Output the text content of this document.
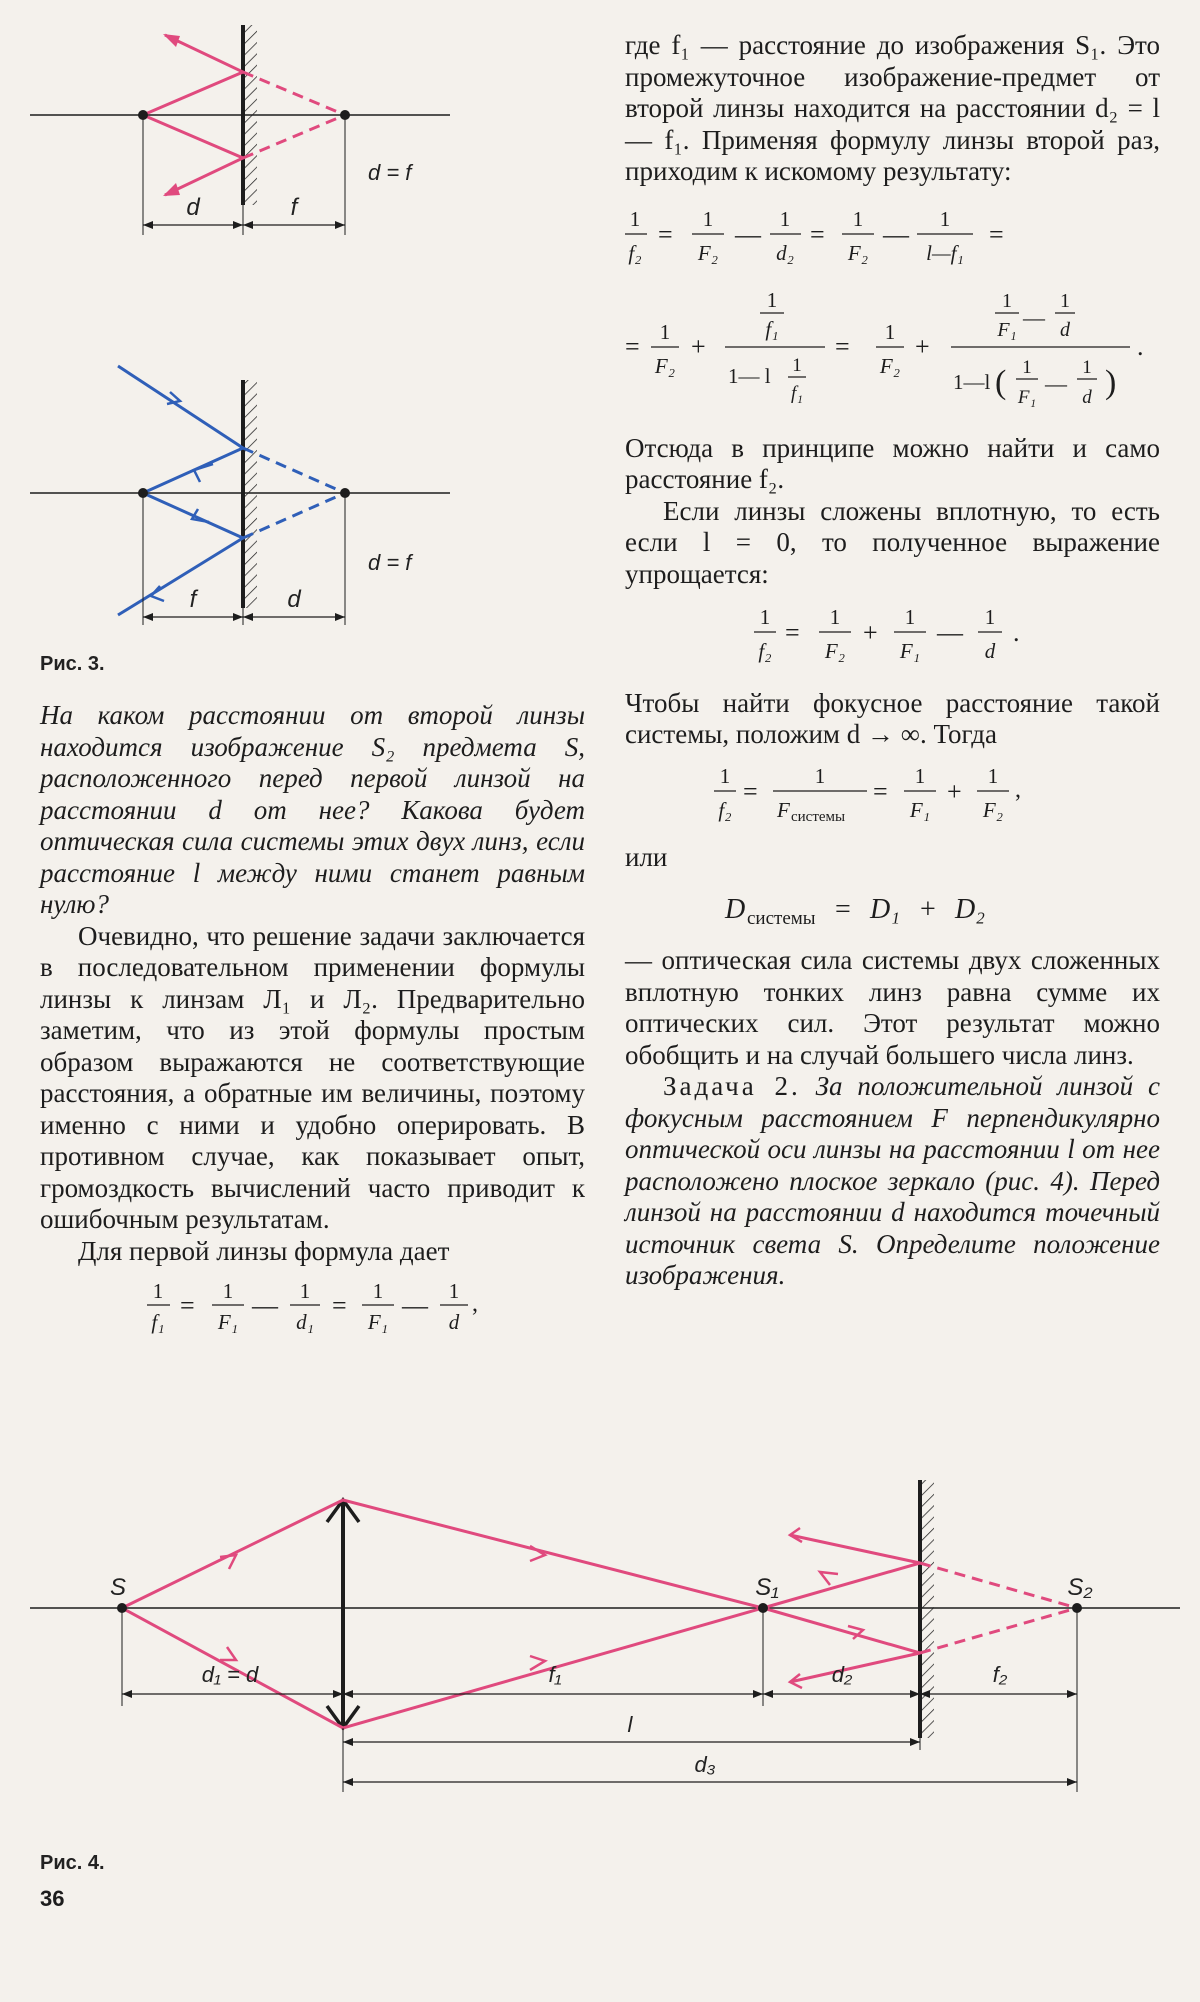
d	f
d = f
f	d
d = f

Рис. 3.

На каком расстоянии от второй линзы находится изображение S₂ предмета S, расположенного перед первой линзой на расстоянии d от нее? Какова будет оптическая сила системы этих двух линз, если расстояние l между ними станет равным нулю?

Очевидно, что решение задачи заключается в последовательном применении формулы линзы к линзам Л₁ и Л₂. Предварительно заметим, что из этой формулы простым образом выражаются не соответствующие расстояния, а обратные им величины, поэтому именно с ними и удобно оперировать. В противном случае, как показывает опыт, громоздкость вычислений часто приводит к ошибочным результатам.

Для первой линзы формула дает

1
f₁
= 1
F₁
— 1
d₁
= 1
F₁
— 1
d
,

где f₁ — расстояние до изображения S₁. Это промежуточное изображение-предмет от второй линзы находится на расстоянии d₂ = l — f₁. Применяя формулу линзы второй раз, приходим к искомому результату:

1
f₂
=
1
F₂
—
1
d₂
=
1
F₂
—
1
l—f₁
=
= 1
F₂
+
1
f₁
1— l 1
f₁
= 1
F₂
+
1
F₁ —
1
d
1—l ( 1
F₁
—
1
d )
.

Отсюда в принципе можно найти и само расстояние f₂.

Если линзы сложены вплотную, то есть если l = 0, то полученное выражение упрощается:

1
f₂
=
1
F₂
+
1
F₁
—
1
d
.

Чтобы найти фокусное расстояние такой системы, положим d → ∞. Тогда

1
f₂
=
1
F системы
=
1
F₁
+
1
F₂
,

или

D системы = D₁ + D₂

— оптическая сила системы двух сложенных вплотную тонких линз равна сумме их оптических сил. Этот результат можно обобщить и на случай большего числа линз.

Задача 2. За положительной линзой с фокусным расстоянием F перпендикулярно оптической оси линзы на расстоянии l от нее расположено плоское зеркало (рис. 4). Перед линзой на расстоянии d находится точечный источник света S. Определите положение изображения.

S	S₁	S₂
d₁ = d	f₁	d₂	f₂
l
d₃

Рис. 4.

36
